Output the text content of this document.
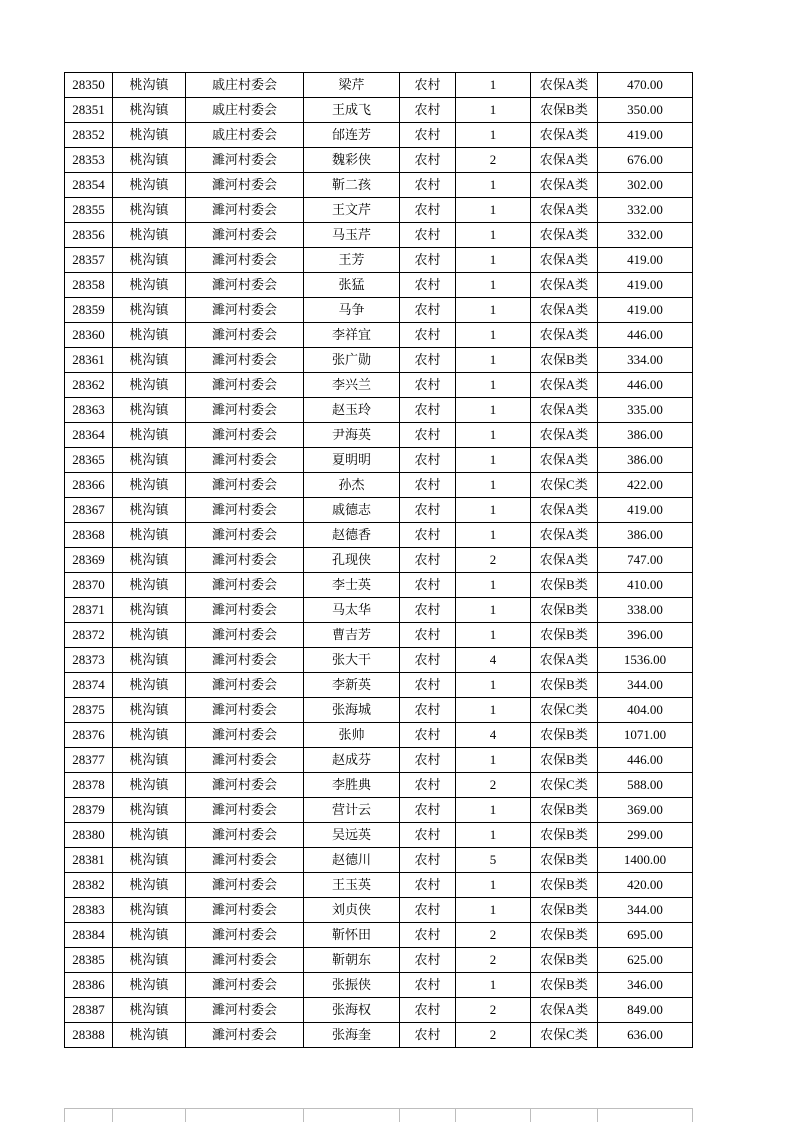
28350	桃沟镇	戚庄村委会	梁芹	农村	1	农保A类	470.00
28351	桃沟镇	戚庄村委会	王成飞	农村	1	农保B类	350.00
28352	桃沟镇	戚庄村委会	邰连芳	农村	1	农保A类	419.00
28353	桃沟镇	濉河村委会	魏彩侠	农村	2	农保A类	676.00
28354	桃沟镇	濉河村委会	靳二孩	农村	1	农保A类	302.00
28355	桃沟镇	濉河村委会	王文芹	农村	1	农保A类	332.00
28356	桃沟镇	濉河村委会	马玉芹	农村	1	农保A类	332.00
28357	桃沟镇	濉河村委会	王芳	农村	1	农保A类	419.00
28358	桃沟镇	濉河村委会	张猛	农村	1	农保A类	419.00
28359	桃沟镇	濉河村委会	马争	农村	1	农保A类	419.00
28360	桃沟镇	濉河村委会	李祥宜	农村	1	农保A类	446.00
28361	桃沟镇	濉河村委会	张广勋	农村	1	农保B类	334.00
28362	桃沟镇	濉河村委会	李兴兰	农村	1	农保A类	446.00
28363	桃沟镇	濉河村委会	赵玉玲	农村	1	农保A类	335.00
28364	桃沟镇	濉河村委会	尹海英	农村	1	农保A类	386.00
28365	桃沟镇	濉河村委会	夏明明	农村	1	农保A类	386.00
28366	桃沟镇	濉河村委会	孙杰	农村	1	农保C类	422.00
28367	桃沟镇	濉河村委会	戚德志	农村	1	农保A类	419.00
28368	桃沟镇	濉河村委会	赵德香	农村	1	农保A类	386.00
28369	桃沟镇	濉河村委会	孔现侠	农村	2	农保A类	747.00
28370	桃沟镇	濉河村委会	李士英	农村	1	农保B类	410.00
28371	桃沟镇	濉河村委会	马太华	农村	1	农保B类	338.00
28372	桃沟镇	濉河村委会	曹吉芳	农村	1	农保B类	396.00
28373	桃沟镇	濉河村委会	张大干	农村	4	农保A类	1536.00
28374	桃沟镇	濉河村委会	李新英	农村	1	农保B类	344.00
28375	桃沟镇	濉河村委会	张海城	农村	1	农保C类	404.00
28376	桃沟镇	濉河村委会	张帅	农村	4	农保B类	1071.00
28377	桃沟镇	濉河村委会	赵成芬	农村	1	农保B类	446.00
28378	桃沟镇	濉河村委会	李胜典	农村	2	农保C类	588.00
28379	桃沟镇	濉河村委会	营计云	农村	1	农保B类	369.00
28380	桃沟镇	濉河村委会	吴远英	农村	1	农保B类	299.00
28381	桃沟镇	濉河村委会	赵德川	农村	5	农保B类	1400.00
28382	桃沟镇	濉河村委会	王玉英	农村	1	农保B类	420.00
28383	桃沟镇	濉河村委会	刘贞侠	农村	1	农保B类	344.00
28384	桃沟镇	濉河村委会	靳怀田	农村	2	农保B类	695.00
28385	桃沟镇	濉河村委会	靳朝东	农村	2	农保B类	625.00
28386	桃沟镇	濉河村委会	张振侠	农村	1	农保B类	346.00
28387	桃沟镇	濉河村委会	张海权	农村	2	农保A类	849.00
28388	桃沟镇	濉河村委会	张海奎	农村	2	农保C类	636.00
